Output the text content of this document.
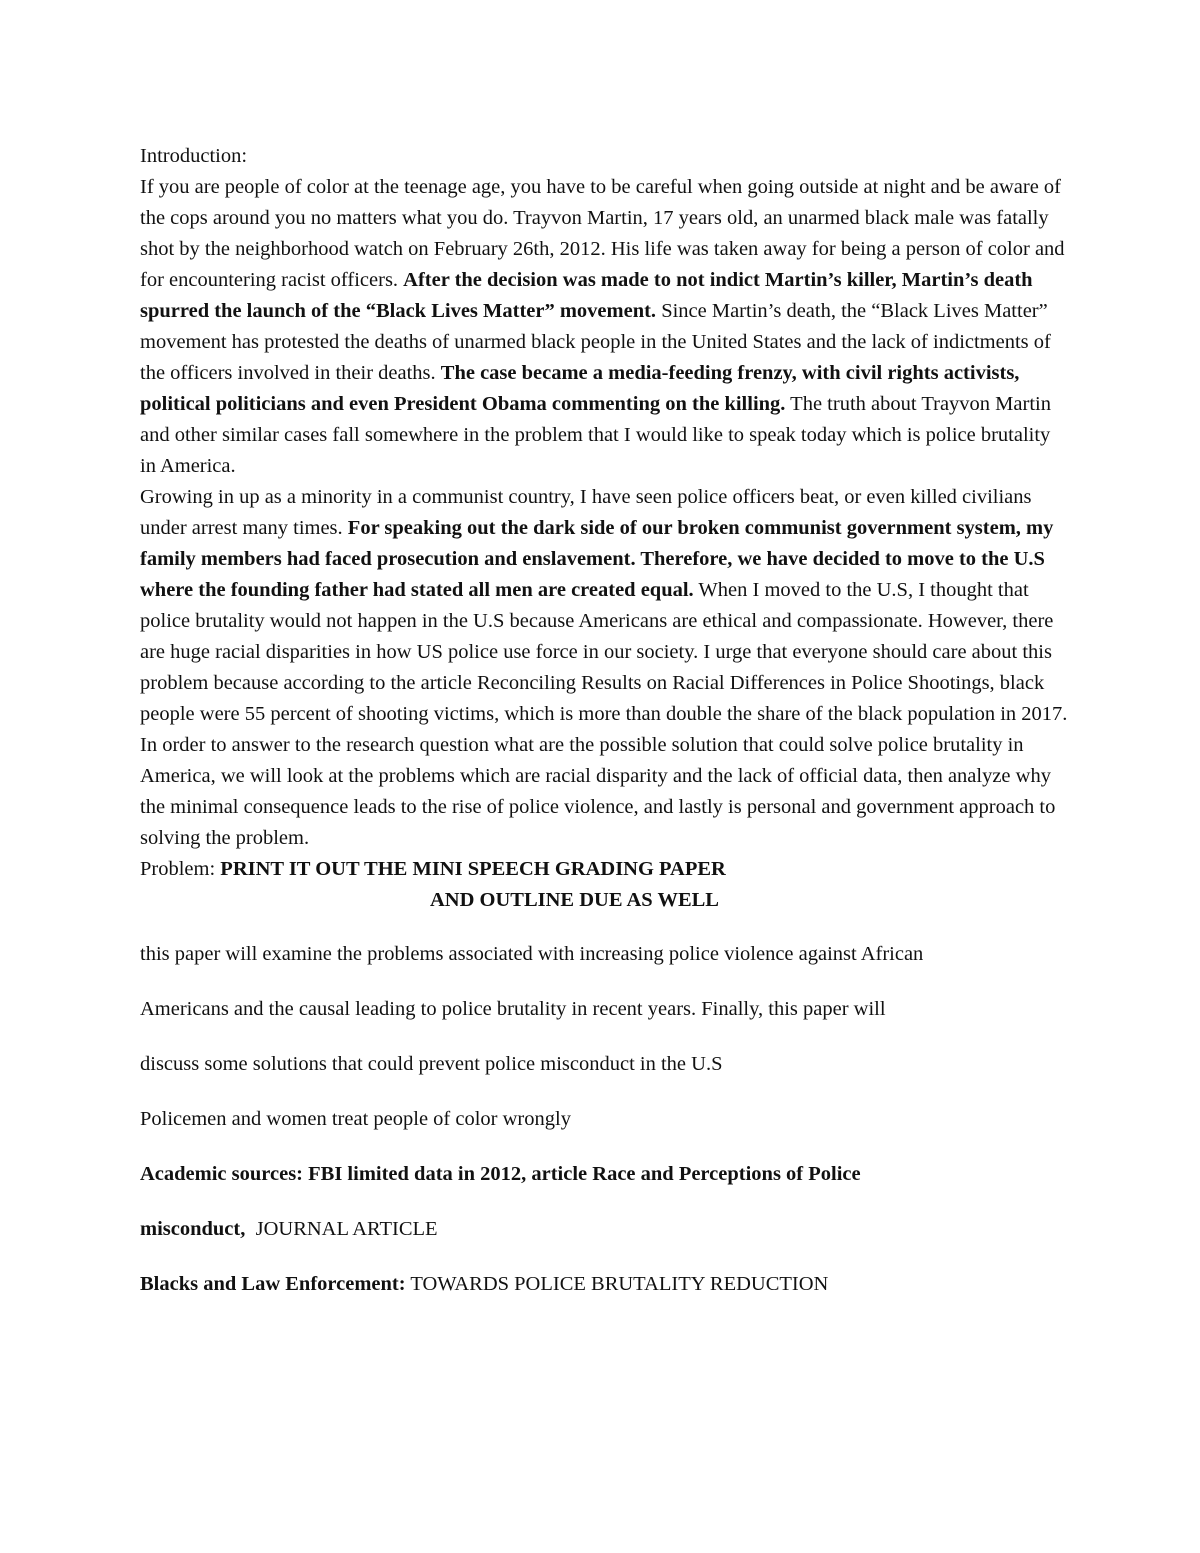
Introduction:

If you are people of color at the teenage age, you have to be careful when going outside at night and be aware of the cops around you no matters what you do. Trayvon Martin, 17 years old, an unarmed black male was fatally shot by the neighborhood watch on February 26th, 2012. His life was taken away for being a person of color and for encountering racist officers. After the decision was made to not indict Martin’s killer, Martin’s death spurred the launch of the “Black Lives Matter” movement. Since Martin’s death, the “Black Lives Matter” movement has protested the deaths of unarmed black people in the United States and the lack of indictments of the officers involved in their deaths. The case became a media-feeding frenzy, with civil rights activists, political politicians and even President Obama commenting on the killing. The truth about Trayvon Martin and other similar cases fall somewhere in the problem that I would like to speak today which is police brutality in America.

Growing in up as a minority in a communist country, I have seen police officers beat, or even killed civilians under arrest many times. For speaking out the dark side of our broken communist government system, my family members had faced prosecution and enslavement. Therefore, we have decided to move to the U.S where the founding father had stated all men are created equal. When I moved to the U.S, I thought that police brutality would not happen in the U.S because Americans are ethical and compassionate. However, there are huge racial disparities in how US police use force in our society. I urge that everyone should care about this problem because according to the article Reconciling Results on Racial Differences in Police Shootings, black people were 55 percent of shooting victims, which is more than double the share of the black population in 2017.

In order to answer to the research question what are the possible solution that could solve police brutality in America, we will look at the problems which are racial disparity and the lack of official data, then analyze why the minimal consequence leads to the rise of police violence, and lastly is personal and government approach to solving the problem.

Problem: PRINT IT OUT THE MINI SPEECH GRADING PAPER

AND OUTLINE DUE AS WELL

this paper will examine the problems associated with increasing police violence against African

Americans and the causal leading to police brutality in recent years. Finally, this paper will

discuss some solutions that could prevent police misconduct in the U.S

Policemen and women treat people of color wrongly

Academic sources: FBI limited data in 2012, article Race and Perceptions of Police

misconduct,  JOURNAL ARTICLE

Blacks and Law Enforcement: TOWARDS POLICE BRUTALITY REDUCTION
